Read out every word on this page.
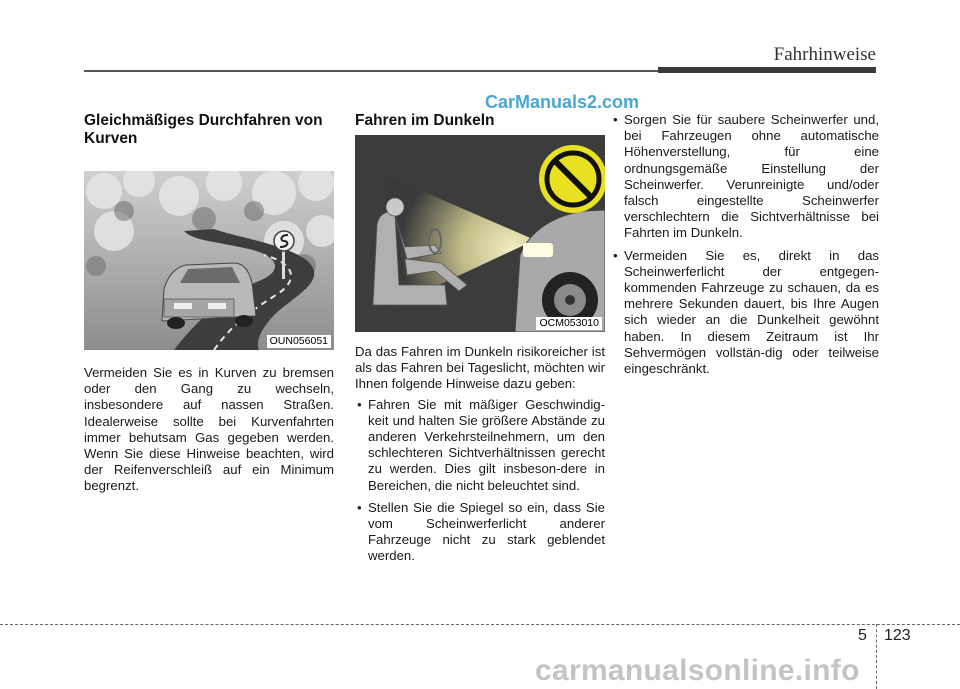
Fahrhinweise
CarManuals2.com
Gleichmäßiges Durchfahren von Kurven
OUN056051

Vermeiden Sie es in Kurven zu bremsen oder den Gang zu wechseln, insbesondere auf nassen Straßen. Idealerweise sollte bei Kurvenfahrten immer behutsam Gas gegeben werden. Wenn Sie diese Hinweise beachten, wird der Reifenverschleiß auf ein Minimum begrenzt.

Fahren im Dunkeln
OCM053010

Da das Fahren im Dunkeln risikoreicher ist als das Fahren bei Tageslicht, möchten wir Ihnen folgende Hinweise dazu geben:

• Fahren Sie mit mäßiger Geschwindig-keit und halten Sie größere Abstände zu anderen Verkehrsteilnehmern, um den schlechteren Sichtverhältnissen gerecht zu werden. Dies gilt insbeson-dere in Bereichen, die nicht beleuchtet sind.
• Stellen Sie die Spiegel so ein, dass Sie vom Scheinwerferlicht anderer Fahrzeuge nicht zu stark geblendet werden.
• Sorgen Sie für saubere Scheinwerfer und, bei Fahrzeugen ohne automatische Höhenverstellung, für eine ordnungsgemäße Einstellung der Scheinwerfer. Verunreinigte und/oder falsch eingestellte Scheinwerfer verschlechtern die Sichtverhältnisse bei Fahrten im Dunkeln.
• Vermeiden Sie es, direkt in das Scheinwerferlicht der entgegen-kommenden Fahrzeuge zu schauen, da es mehrere Sekunden dauert, bis Ihre Augen sich wieder an die Dunkelheit gewöhnt haben. In diesem Zeitraum ist Ihr Sehvermögen vollstän-dig oder teilweise eingeschränkt.
5 123
carmanualsonline.info
